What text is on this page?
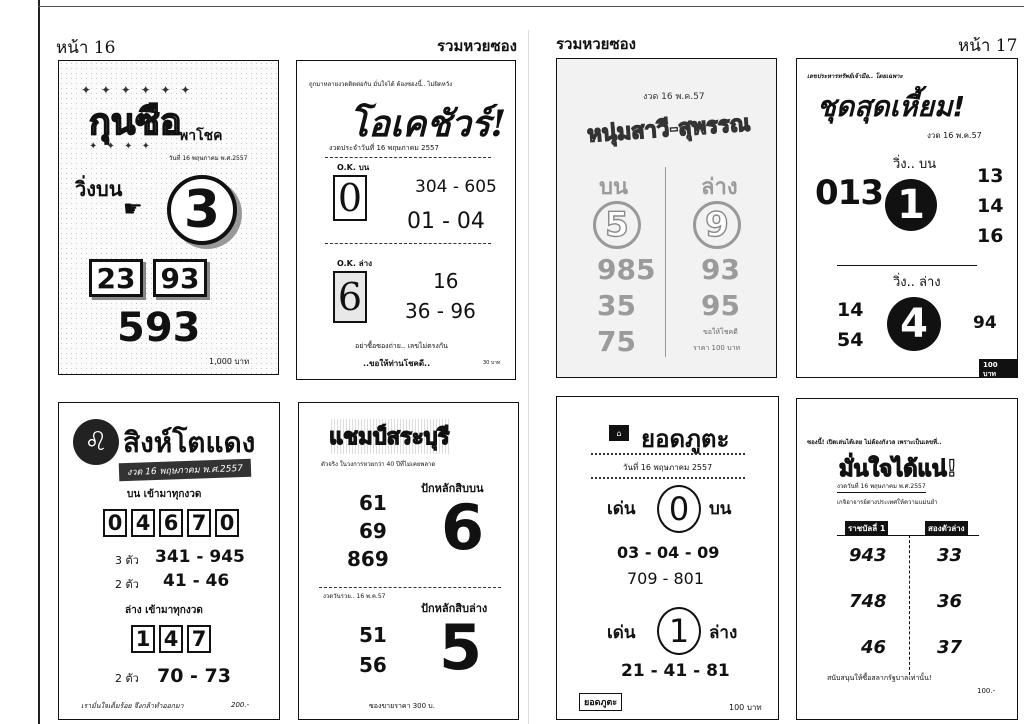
หน้า 16	รวมหวยซอง	รวมหวยซอง	หน้า 17
✦ ✦ ✦ ✦ ✦ ✦
กุนซือ
พาโชค
✦ ✦ ✦ ✦
วันที่ 16 พฤษภาคม พ.ศ.2557
วิ่งบน
☛ 3
23 93
593
1,000 บาท
ถูกมาหลายงวดติดต่อกัน มั่นใจได้ ต้องซองนี้.. ไม่ผิดหวัง
โอเคชัวร์!
งวดประจำวันที่ 16 พฤษภาคม 2557
O.K. บน
0	304 - 605
01 - 04
O.K. ล่าง
6	16
36 - 96
อย่าซื้อซองถ่าย.. เลขไม่ตรงกัน
..ขอให้ท่านโชคดี..	30 บาท
งวด 16 พ.ค.57
หนุ่มสาวี-สุพรรณ
บน	ล่าง
5 9
985
35
75
93
95
ขอให้โชคดี
ราคา 100 บาท
เลขประหารทรัพย์เจ้ามือ.. โดยเฉพาะ
ชุดสุดเหี้ยม!
งวด 16 พ.ค.57
วิ่ง.. บน
013 1
13
14
16
วิ่ง.. ล่าง
14
54 4	94
100 บาท
♌ สิงห์โตแดง
งวด 16 พฤษภาคม พ.ศ.2557
บน เข้ามาทุกงวด
0 4 6 7 0
3 ตัว 341 - 945
2 ตัว 41 - 46
ล่าง เข้ามาทุกงวด
1 4 7
2 ตัว 70 - 73
เรามั่นใจเต็มร้อย จึงกล้าทำออกมา	200.-
แชมป์สระบุรี
ตัวจริง ในวงการหวยกว่า 40 ปีที่ไม่เคยพลาด
ปักหลักสิบบน
61
69
869 6
งวดวันรวย.. 16 พ.ค.57
ปักหลักสิบล่าง
51
56 5
ซองขายราคา 300 บ.
⌂ ยอดภูตะ
วันที่ 16 พฤษภาคม 2557
เด่น 0 บน
03 - 04 - 09
709 - 801
เด่น 1 ล่าง
21 - 41 - 81
ยอดภูตะ	100 บาท
ซองนี้! เปิดเล่นได้เลย ไม่ต้องกังวล เพราะเป็นเลขที่..
มั่นใจได้แน่!
งวดวันที่ 16 พฤษภาคม พ.ศ.2557
เกจิอาจารย์ต่างประเทศให้ความแม่นยำ
ราชบัลลี่ 1	สองตัวล่าง
943	33
748	36
46	37
สนับสนุนให้ซื้อสลากรัฐบาลเท่านั้น!
100.-
